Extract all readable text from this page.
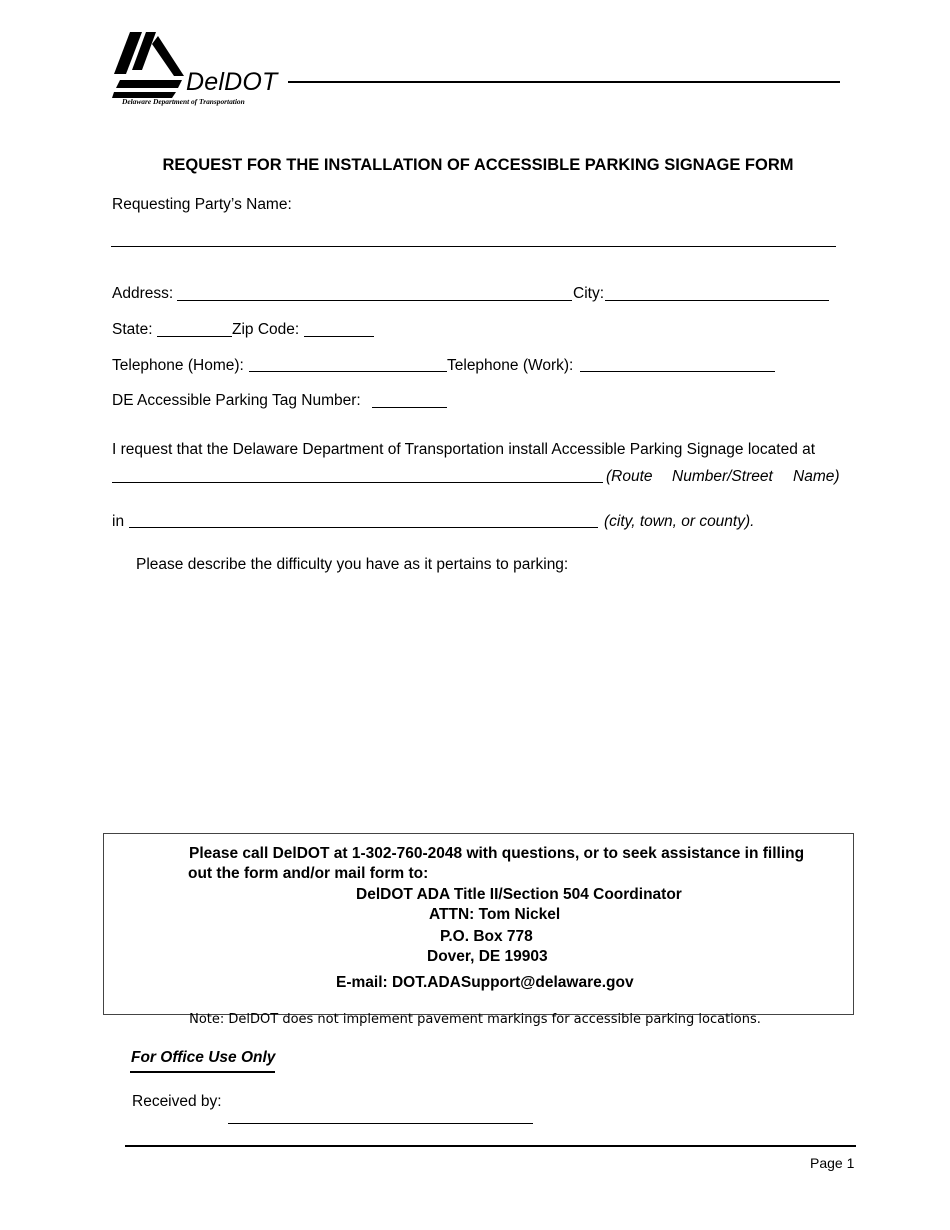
DelDOT
Delaware Department of Transportation
REQUEST FOR THE INSTALLATION OF ACCESSIBLE PARKING SIGNAGE FORM
Requesting Party’s Name:
Address:	City:
State:	Zip Code:
Telephone (Home):	Telephone (Work):
DE Accessible Parking Tag Number:
I request that the Delaware Department of Transportation install Accessible Parking Signage located at
(Route Number/Street Name)
in	(city, town, or county).
Please describe the difficulty you have as it pertains to parking:
Please call DelDOT at 1-302-760-2048 with questions, or to seek assistance in filling
out the form and/or mail form to:
DelDOT ADA Title II/Section 504 Coordinator
ATTN: Tom Nickel
P.O. Box 778
Dover, DE 19903
E-mail: DOT.ADASupport@delaware.gov
Note: DelDOT does not implement pavement markings for accessible parking locations.
For Office Use Only
Received by:
Page 1
